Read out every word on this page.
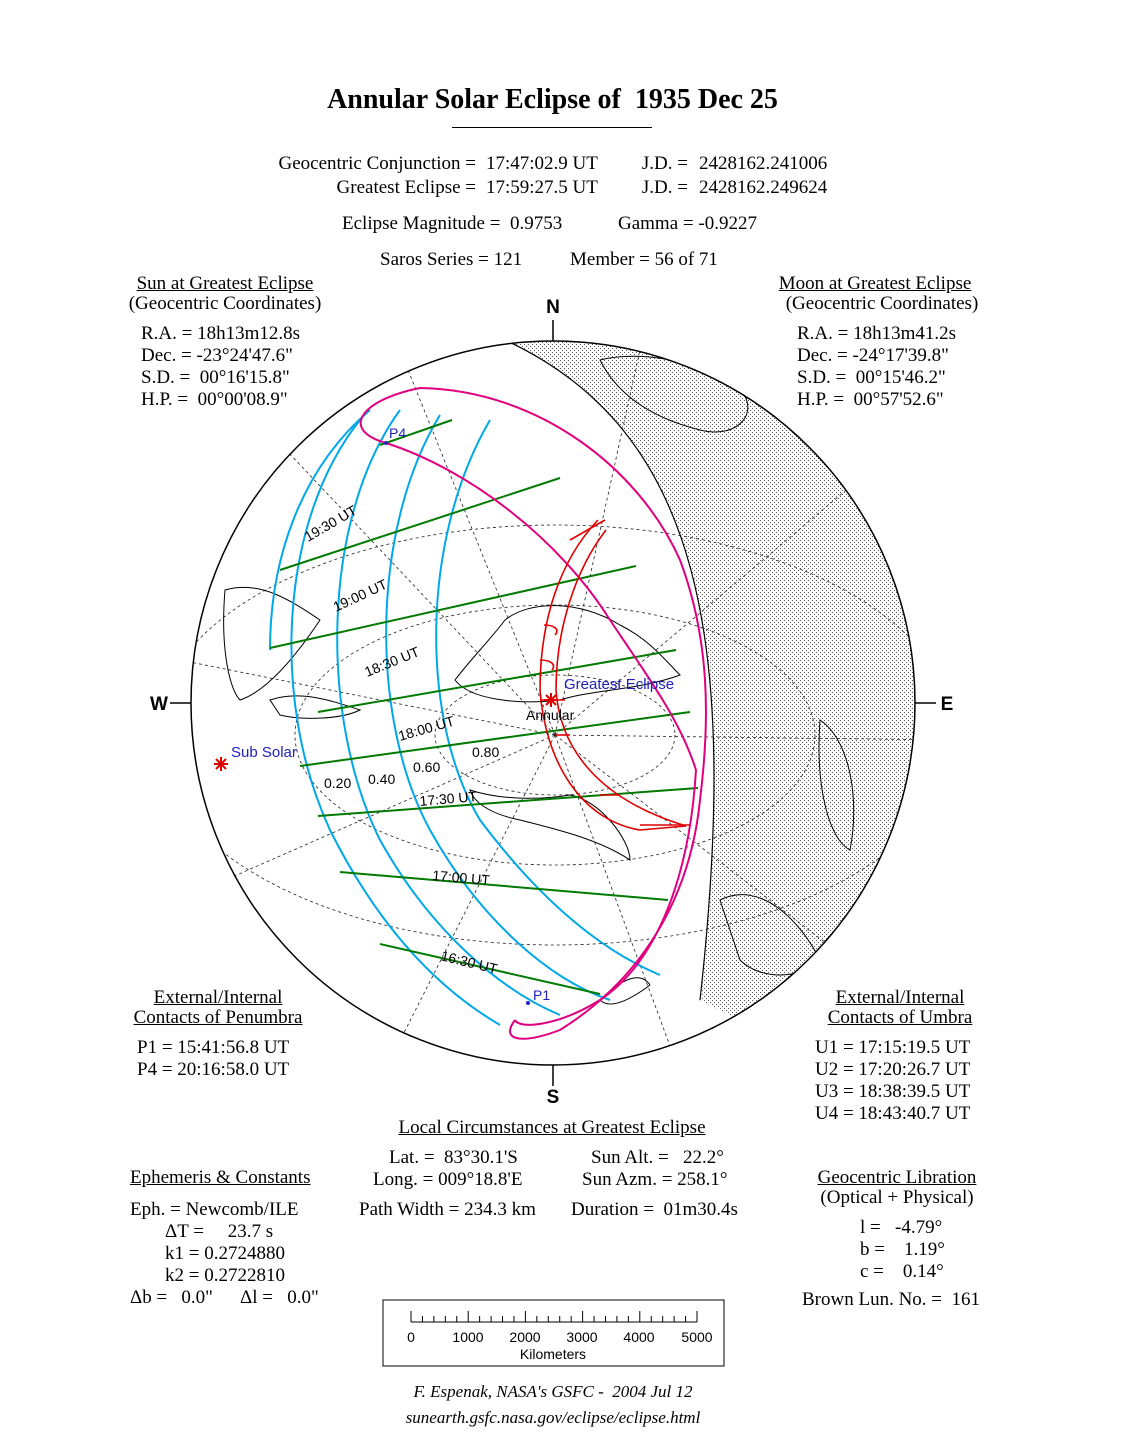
Annular Solar Eclipse of  1935 Dec 25
Geocentric Conjunction = 17:47:02.9 UT	J.D. = 2428162.241006
Greatest Eclipse = 17:59:27.5 UT	J.D. = 2428162.249624
Eclipse Magnitude =  0.9753	Gamma = -0.9227
Saros Series = 121	Member = 56 of 71
Sun at Greatest Eclipse
(Geocentric Coordinates)
R.A. = 18h13m12.8s
Dec. = -23°24'47.6"
S.D. =  00°16'15.8"
H.P. =  00°00'08.9"
Moon at Greatest Eclipse
(Geocentric Coordinates)
R.A. = 18h13m41.2s
Dec. = -24°17'39.8"
S.D. =  00°15'46.2"
H.P. =  00°57'52.6"
N
S
W	E
P4
P1
Greatest Eclipse
Annular
Sub Solar
19:30 UT
19:00 UT
18:30 UT
18:00 UT
17:30 UT
17:00 UT
16:30 UT
0.20 0.40
0.60
0.80
0	1000 2000 3000 4000 5000
Kilometers
External/Internal
Contacts of Penumbra
P1 = 15:41:56.8 UT
P4 = 20:16:58.0 UT
External/Internal
Contacts of Umbra
U1 = 17:15:19.5 UT
U2 = 17:20:26.7 UT
U3 = 18:38:39.5 UT
U4 = 18:43:40.7 UT
Local Circumstances at Greatest Eclipse
Lat. =  83°30.1'S
Long. = 009°18.8'E
Sun Alt. =   22.2°
Sun Azm. = 258.1°
Path Width = 234.3 km Duration =  01m30.4s
Ephemeris & Constants
Eph. = Newcomb/ILE
ΔT =     23.7 s
k1 = 0.2724880
k2 = 0.2722810
Δb =   0.0" Δl =   0.0"
Geocentric Libration
(Optical + Physical)
l =   -4.79°
b =    1.19°
c =    0.14°
Brown Lun. No. =  161
F. Espenak, NASA's GSFC -  2004 Jul 12
sunearth.gsfc.nasa.gov/eclipse/eclipse.html
